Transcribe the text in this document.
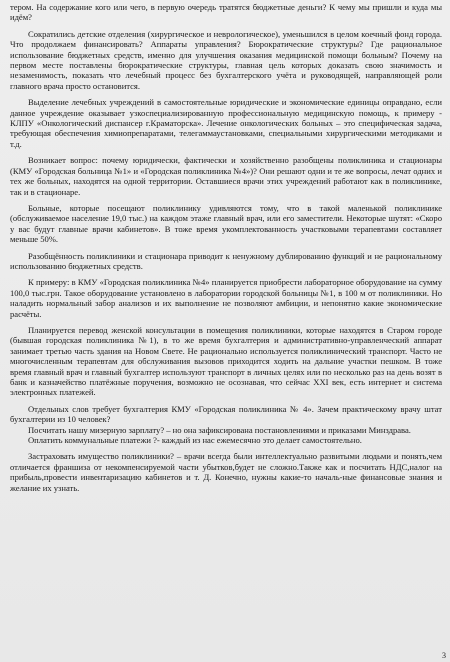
тером. На содержание кого или чего, в первую очередь тратятся бюджетные деньги? К чему мы пришли и куда мы идём?

Сократились детские отделения (хирургическое и неврологическое), уменьшился в целом коечный фонд города. Что продолжаем финансировать? Аппараты управления? Бюрократические структуры? Где рациональное использование бюджетных средств, именно для улучшения оказания медицинской помощи больным? Почему на первом месте поставлены бюрократические структуры, главная цель которых доказать свою значимость и незаменимость, показать что лечебный процесс без бухгалтерского учёта и руководящей, направляющей роли главного врача просто остановится.

Выделение лечебных учреждений в самостоятельные юридические и экономические единицы оправдано, если данное учреждение оказывает узкоспециализированную профессиональную медицинскую помощь, к примеру - КЛПУ «Онкологический диспансер г.Краматорска». Лечение онкологических больных – это специфическая задача, требующая обеспечения химиопрепаратами, телегаммаустановками, специальными хирургическими методиками и т.д.

Возникает вопрос: почему юридически, фактически и хозяйственно разобщены поликлиника и стационары (КМУ «Городская больница №1» и «Городская поликлиника №4»)? Они решают одни и те же вопросы, лечат одних и тех же больных, находятся на одной территории. Оставшиеся врачи этих учреждений работают как в поликлинике, так и в стационаре.

Больные, которые посещают поликлинику удивляются тому, что в такой маленькой поликлинике (обслуживаемое население 19,0 тыс.) на каждом этаже главный врач, или его заместители. Некоторые шутят: «Скоро у вас будут главные врачи кабинетов». В тоже время укомплектованность участковыми терапевтами составляет меньше 50%.

Разобщённость поликлиники и стационара приводит к ненужному дублированию функций и не рациональному использованию бюджетных средств.

К примеру: в КМУ «Городская поликлиника №4» планируется приобрести лабораторное оборудование на сумму 100,0 тыс.грн. Такое оборудование установлено в лаборатории городской больницы №1, в 100 м от поликлиники. Но наладить нормальный забор анализов и их выполнение не позволяют амбиции, и непонятно какие экономические расчёты.

Планируется перевод женской консультации в помещения поликлиники, которые находятся в Старом городе (бывшая городская поликлиника №1), в то же время бухгалтерия и административно-управленческий аппарат занимает третью часть здания на Новом Свете. Не рационально используется поликлинический транспорт. Часто не многочисленным терапевтам для обслуживания вызовов приходится ходить на дальние участки пешком. В тоже время главный врач и главный бухгалтер используют транспорт в личных целях или по несколько раз на день возят в банк и казначейство платёжные поручения, возможно не осознавая, что сейчас XXI век, есть интернет и система электронных платежей.

Отдельных слов требует бухгалтерия КМУ «Городская поликлиника № 4». Зачем практическому врачу штат бухгалтерии из 10 человек?

Посчитать нашу мизерную зарплату? – но она зафиксирована постановлениями и приказами Минздрава.

Оплатить коммунальные платежи ?- каждый из нас ежемесячно это делает самостоятельно.

Застраховать имущество поликлиники? – врачи всегда были интеллектуально развитыми людьми и понять,чем отличается франшиза от некомпенсируемой части убытков,будет не сложно.Также как и посчитать НДС,налог на прибыль,провести инвентаризацию кабинетов и т. Д. Конечно, нужны какие-то началь-ные финансовые знания и желание их узнать.

3
